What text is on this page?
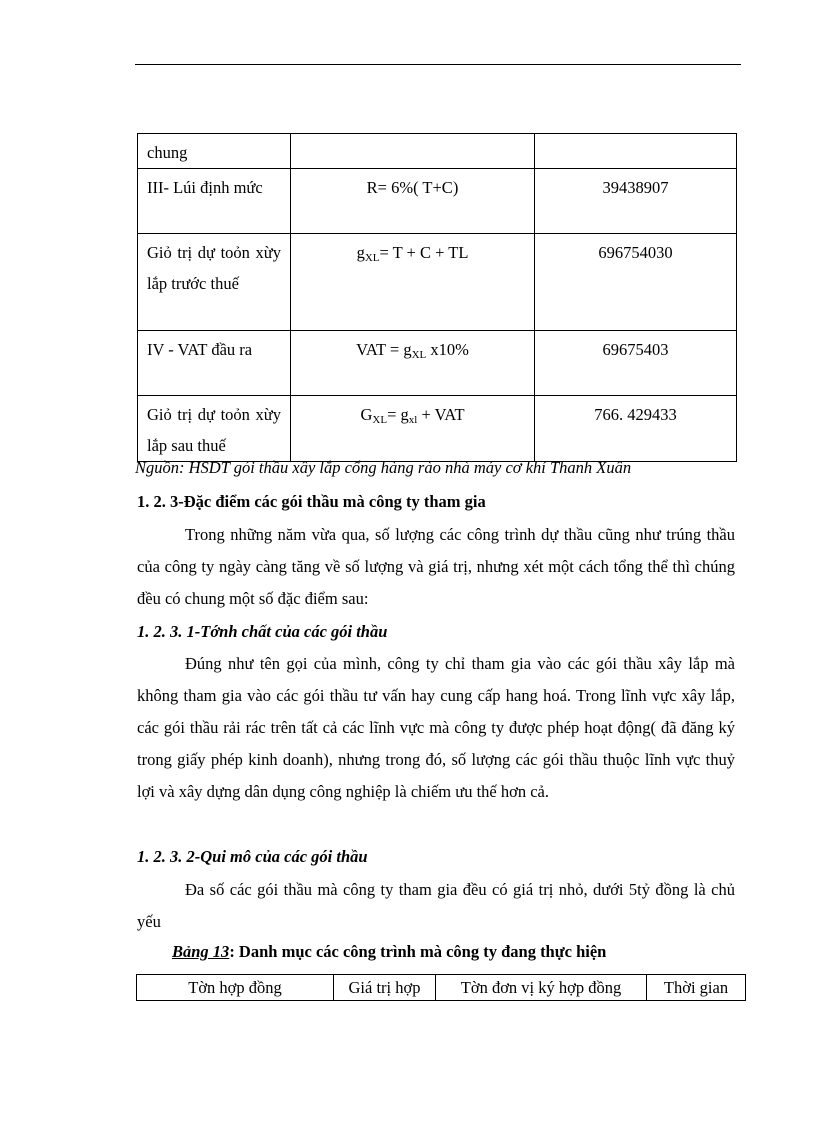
chung		
III- Lúi định mức	R= 6%( T+C)	39438907
Giỏ trị dự toỏn xừy lắp trước thuế	$g_{XL}= T + C$ + TL	696754030
IV - VAT đầu ra	VAT = $g_{XL}$ x10%	69675403
Giỏ trị dự toỏn xừy lắp sau thuế	$G_{XL}= g_{xl}$ + VAT	766. 429433
Nguồn: HSDT gói thầu xây lắp cổng hàng rào nhà máy cơ khí Thanh Xuân
1. 2. 3-Đặc điểm các gói thầu mà công ty tham gia
Trong những năm vừa qua, số lượng các công trình dự thầu cũng như trúng thầu của công ty ngày càng tăng về số lượng và giá trị, nhưng xét một cách tổng thể thì chúng đều có chung một số đặc điểm sau:
1. 2. 3. 1-Tớnh chất của các gói thầu
Đúng như tên gọi của mình, công ty chỉ tham gia vào các gói thầu xây lắp mà không tham gia vào các gói thầu tư vấn hay cung cấp hang hoá. Trong lĩnh vực xây lắp, các gói thầu rải rác trên tất cả các lĩnh vực mà công ty được phép hoạt động( đã đăng ký trong giấy phép kinh doanh), nhưng trong đó, số lượng các gói thầu thuộc lĩnh vực thuỷ lợi và xây dựng dân dụng công nghiệp là chiếm ưu thế hơn cả.
1. 2. 3. 2-Qui mô của các gói thầu
Đa số các gói thầu mà công ty tham gia đều có giá trị nhỏ, dưới 5tỷ đồng là chủ yếu
Bảng 13: Danh mục các công trình mà công ty đang thực hiện
Tờn hợp đồng	Giá trị hợp	Tờn đơn vị ký hợp đồng	Thời gian
